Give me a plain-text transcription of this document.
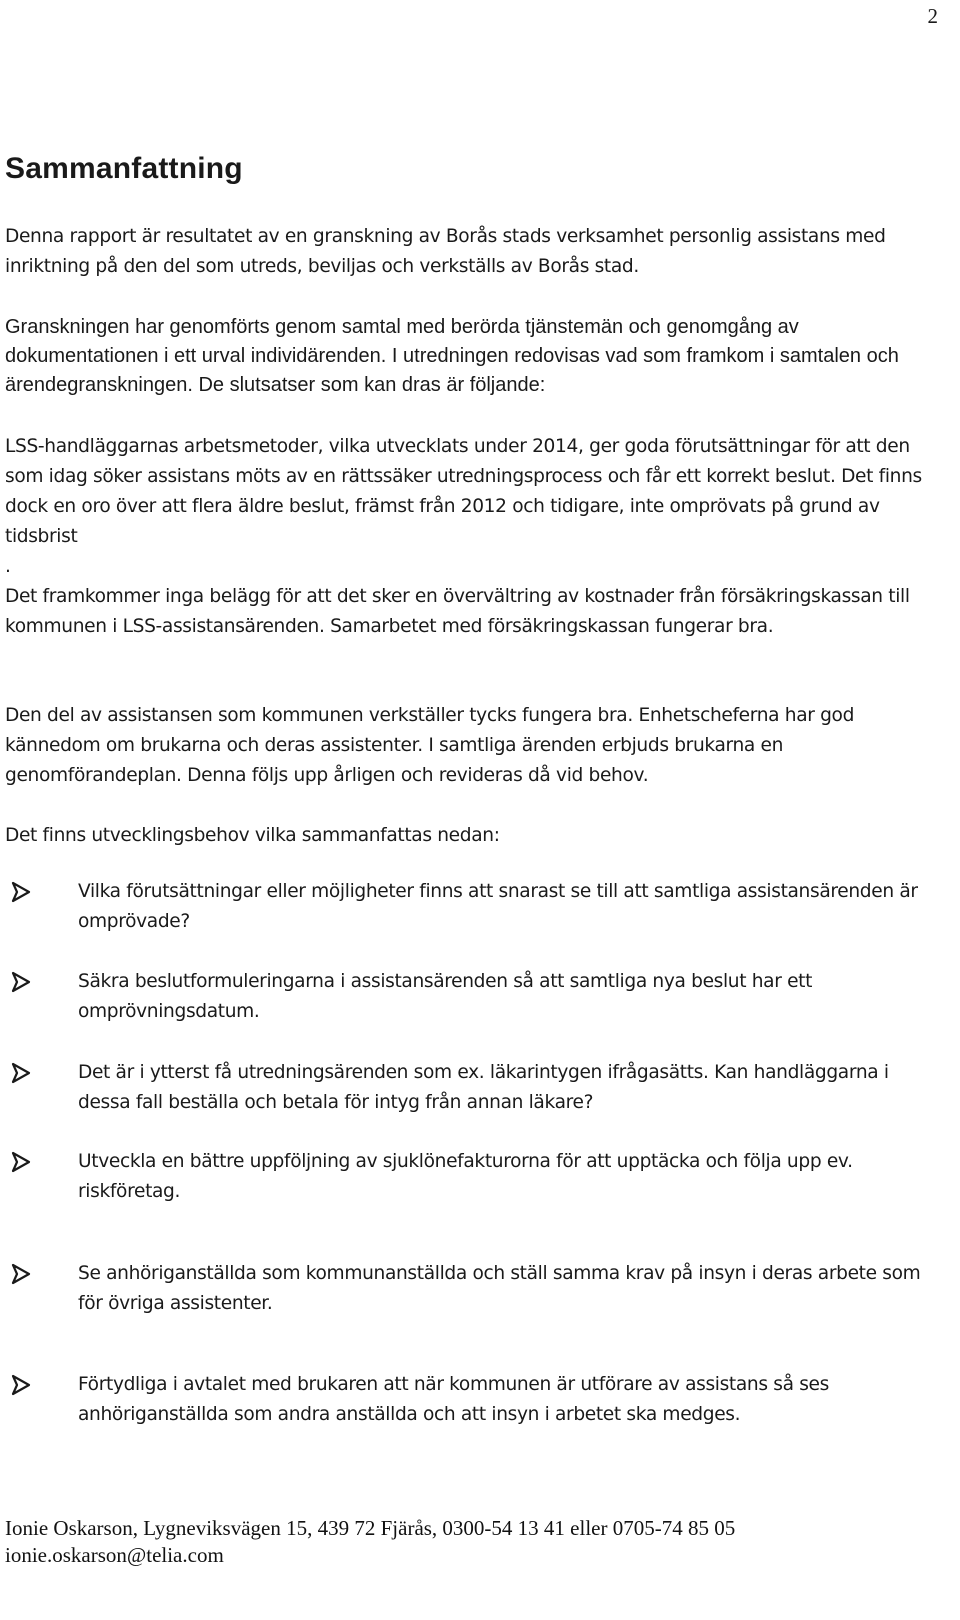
2
Sammanfattning

Denna rapport är resultatet av en granskning av Borås stads verksamhet personlig assistans med inriktning på den del som utreds, beviljas och verkställs av Borås stad.

Granskningen har genomförts genom samtal med berörda tjänstemän och genomgång av dokumentationen i ett urval individärenden. I utredningen redovisas vad som framkom i samtalen och ärendegranskningen. De slutsatser som kan dras är följande:

LSS-handläggarnas arbetsmetoder, vilka utvecklats under 2014, ger goda förutsättningar för att den som idag söker assistans möts av en rättssäker utredningsprocess och får ett korrekt beslut. Det finns dock en oro över att flera äldre beslut, främst från 2012 och tidigare, inte omprövats på grund av tidsbrist

.

Det framkommer inga belägg för att det sker en övervältring av kostnader från försäkringskassan till kommunen i LSS-assistansärenden. Samarbetet med försäkringskassan fungerar bra.

Den del av assistansen som kommunen verkställer tycks fungera bra. Enhetscheferna har god kännedom om brukarna och deras assistenter. I samtliga ärenden erbjuds brukarna en genomförandeplan. Denna följs upp årligen och revideras då vid behov.

Det finns utvecklingsbehov vilka sammanfattas nedan:

Vilka förutsättningar eller möjligheter finns att snarast se till att samtliga assistansärenden är omprövade?
Säkra beslutformuleringarna i assistansärenden så att samtliga nya beslut har ett omprövningsdatum.
Det är i ytterst få utredningsärenden som ex. läkarintygen ifrågasätts. Kan handläggarna i dessa fall beställa och betala för intyg från annan läkare?
Utveckla en bättre uppföljning av sjuklönefakturorna för att upptäcka och följa upp ev. riskföretag.
Se anhöriganställda som kommunanställda och ställ samma krav på insyn i deras arbete som för övriga assistenter.
Förtydliga i avtalet med brukaren att när kommunen är utförare av assistans så ses anhöriganställda som andra anställda och att insyn i arbetet ska medges.
Ionie Oskarson, Lygneviksvägen 15, 439 72 Fjärås, 0300-54 13 41 eller 0705-74 85 05
ionie.oskarson@telia.com
